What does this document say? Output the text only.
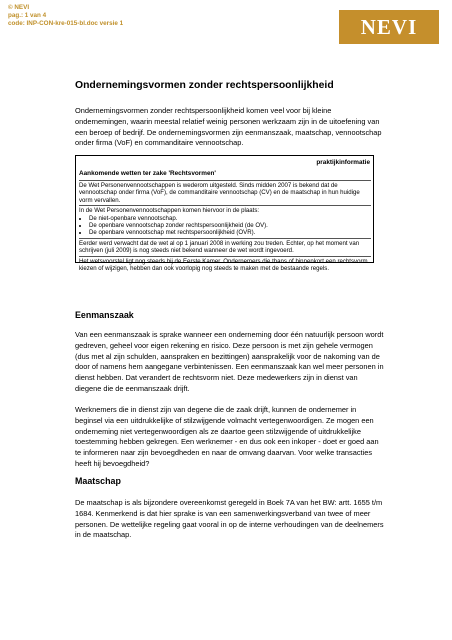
© NEVI
pag.: 1 van 4
code: INP-CON-kre-015-bl.doc versie 1	NEVI
Ondernemingsvormen zonder rechtspersoonlijkheid

Ondernemingsvormen zonder rechtspersoonlijkheid komen veel voor bij kleine ondernemingen, waarin meestal relatief weinig personen werkzaam zijn in de uitoefening van een beroep of bedrijf. De ondernemingsvormen zijn eenmanszaak, maatschap, vennootschap onder firma (VoF) en commanditaire vennootschap.

praktijkinformatie
Aankomende wetten ter zake 'Rechtsvormen'
De Wet Personenvennootschappen is wederom uitgesteld. Sinds midden 2007 is bekend dat de vennootschap onder firma (VoF), de commanditaire vennootschap (CV) en de maatschap in hun huidige vorm vervallen.
In de Wet Personenvennootschappen komen hiervoor in de plaats:
• De niet-openbare vennootschap.
• De openbare vennootschap zonder rechtspersoonlijkheid (de OV).
• De openbare vennootschap met rechtspersoonlijkheid (OVR).
Eerder werd verwacht dat de wet al op 1 januari 2008 in werking zou treden. Echter, op het moment van schrijven (juli 2009) is nog steeds niet bekend wanneer de wet wordt ingevoerd.
Het wetsvoorstel ligt nog steeds bij de Eerste Kamer. Ondernemers die thans of binnenkort een rechtsvorm kiezen of wijzigen, hebben dan ook voorlopig nog steeds te maken met de bestaande regels.
Eenmanszaak

Van een eenmanszaak is sprake wanneer een onderneming door één natuurlijk persoon wordt gedreven, geheel voor eigen rekening en risico. Deze persoon is met zijn gehele vermogen (dus met al zijn schulden, aanspraken en bezittingen) aansprakelijk voor de nakoming van de door of namens hem aangegane verbintenissen. Een eenmanszaak kan wel meer personen in dienst hebben. Dat verandert de rechtsvorm niet. Deze medewerkers zijn in dienst van diegene die de eenmanszaak drijft.

Werknemers die in dienst zijn van degene die de zaak drijft, kunnen de ondernemer in beginsel via een uitdrukkelijke of stilzwijgende volmacht vertegenwoordigen. Ze mogen een onderneming niet vertegenwoordigen als ze daartoe geen stilzwijgende of uitdrukkelijke toestemming hebben gekregen. Een werknemer - en dus ook een inkoper - doet er goed aan te informeren naar zijn bevoegdheden en naar de omvang daarvan. Voor welke transacties heeft hij bevoegdheid?

Maatschap

De maatschap is als bijzondere overeenkomst geregeld in Boek 7A van het BW: artt. 1655 t/m 1684. Kenmerkend is dat hier sprake is van een samenwerkingsverband van twee of meer personen. De wettelijke regeling gaat vooral in op de interne verhoudingen van de deelnemers in de maatschap.
